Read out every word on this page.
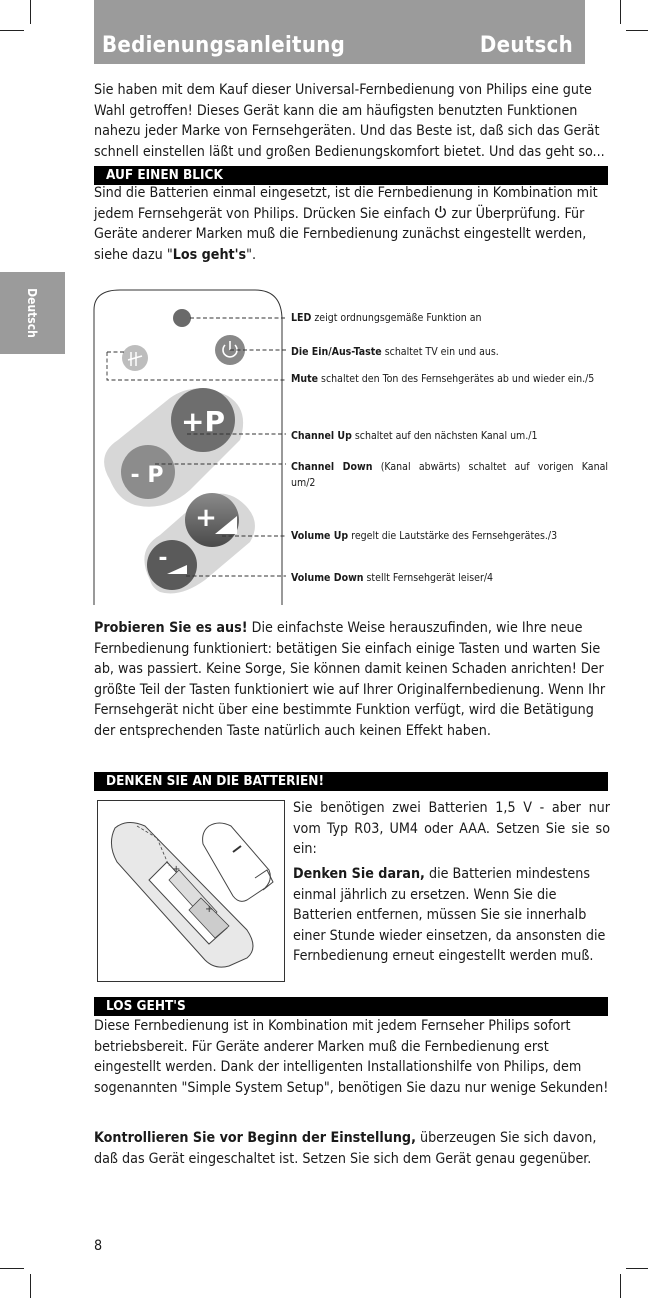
Bedienungsanleitung	Deutsch
Deutsch

Sie haben mit dem Kauf dieser Universal-Fernbedienung von Philips eine gute Wahl getroffen! Dieses Gerät kann die am häufigsten benutzten Funktionen nahezu jeder Marke von Fernsehgeräten. Und das Beste ist, daß sich das Gerät schnell einstellen läßt und großen Bedienungskomfort bietet. Und das geht so...

AUF EINEN BLICK

Sind die Batterien einmal eingesetzt, ist die Fernbedienung in Kombination mit jedem Fernsehgerät von Philips. Drücken Sie einfach zur Überprüfung. Für Geräte anderer Marken muß die Fernbedienung zunächst eingestellt werden, siehe dazu "Los geht's".

+P
- P
+
-
LED zeigt ordnungsgemäße Funktion an
Die Ein/Aus-Taste schaltet TV ein und aus.
Mute schaltet den Ton des Fernsehgerätes ab und wieder ein./5
Channel Up schaltet auf den nächsten Kanal um./1
Channel Down (Kanal abwärts) schaltet auf vorigen Kanal um/2
Volume Up regelt die Lautstärke des Fernsehgerätes./3
Volume Down stellt Fernsehgerät leiser/4

Probieren Sie es aus! Die einfachste Weise herauszufinden, wie Ihre neue Fernbedienung funktioniert: betätigen Sie einfach einige Tasten und warten Sie ab, was passiert. Keine Sorge, Sie können damit keinen Schaden anrichten! Der größte Teil der Tasten funktioniert wie auf Ihrer Originalfernbedienung. Wenn Ihr Fernsehgerät nicht über eine bestimmte Funktion verfügt, wird die Betätigung der entsprechenden Taste natürlich auch keinen Effekt haben.

DENKEN SIE AN DIE BATTERIEN!
+
+

Sie benötigen zwei Batterien 1,5 V - aber nur vom Typ R03, UM4 oder AAA. Setzen Sie sie so ein:

Denken Sie daran, die Batterien mindestens einmal jährlich zu ersetzen. Wenn Sie die Batterien entfernen, müssen Sie sie innerhalb einer Stunde wieder einsetzen, da ansonsten die Fernbedienung erneut eingestellt werden muß.

LOS GEHT'S

Diese Fernbedienung ist in Kombination mit jedem Fernseher Philips sofort betriebsbereit. Für Geräte anderer Marken muß die Fernbedienung erst eingestellt werden. Dank der intelligenten Installationshilfe von Philips, dem sogenannten "Simple System Setup", benötigen Sie dazu nur wenige Sekunden!

Kontrollieren Sie vor Beginn der Einstellung, überzeugen Sie sich davon, daß das Gerät eingeschaltet ist. Setzen Sie sich dem Gerät genau gegenüber.

8
